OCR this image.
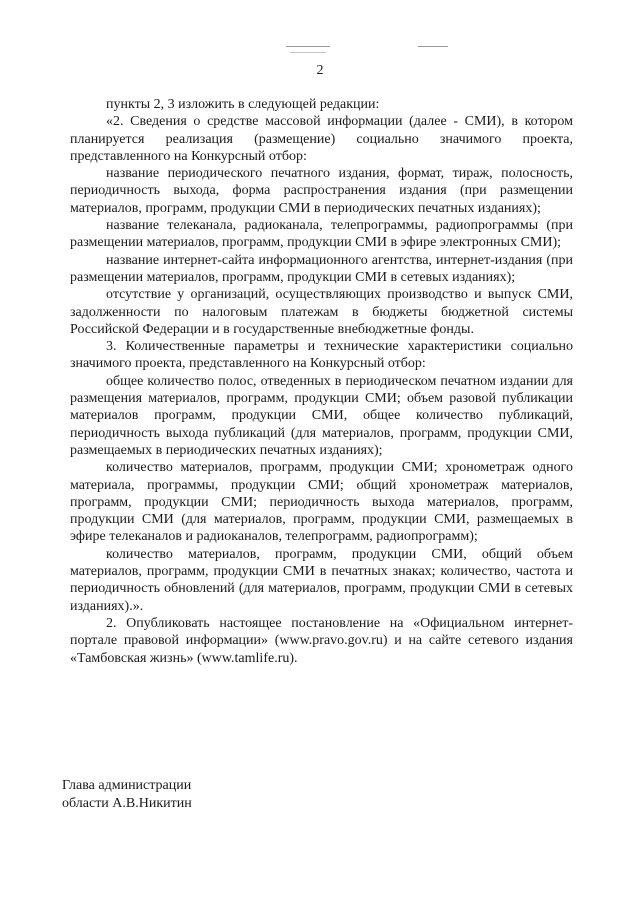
2

пункты 2, 3 изложить в следующей редакции:

«2. Сведения о средстве массовой информации (далее - СМИ), в котором планируется реализация (размещение) социально значимого проекта, представленного на Конкурсный отбор:

название периодического печатного издания, формат, тираж, полосность, периодичность выхода, форма распространения издания (при размещении материалов, программ, продукции СМИ в периодических печатных изданиях);

название телеканала, радиоканала, телепрограммы, радиопрограммы (при размещении материалов, программ, продукции СМИ в эфире электронных СМИ);

название интернет-сайта информационного агентства, интернет-издания (при размещении материалов, программ, продукции СМИ в сетевых изданиях);

отсутствие у организаций, осуществляющих производство и выпуск СМИ, задолженности по налоговым платежам в бюджеты бюджетной системы Российской Федерации и в государственные внебюджетные фонды.

3. Количественные параметры и технические характеристики социально значимого проекта, представленного на Конкурсный отбор:

общее количество полос, отведенных в периодическом печатном издании для размещения материалов, программ, продукции СМИ; объем разовой публикации материалов программ, продукции СМИ, общее количество публикаций, периодичность выхода публикаций (для материалов, программ, продукции СМИ, размещаемых в периодических печатных изданиях);

количество материалов, программ, продукции СМИ; хронометраж одного материала, программы, продукции СМИ; общий хронометраж материалов, программ, продукции СМИ; периодичность выхода материалов, программ, продукции СМИ (для материалов, программ, продукции СМИ, размещаемых в эфире телеканалов и радиоканалов, телепрограмм, радиопрограмм);

количество материалов, программ, продукции СМИ, общий объем материалов, программ, продукции СМИ в печатных знаках; количество, частота и периодичность обновлений (для материалов, программ, продукции СМИ в сетевых изданиях).».

2. Опубликовать настоящее постановление на «Официальном интернет-портале правовой информации» (www.pravo.gov.ru) и на сайте сетевого издания «Тамбовская жизнь» (www.tamlife.ru).

Глава администрации
области А.В.Никитин
